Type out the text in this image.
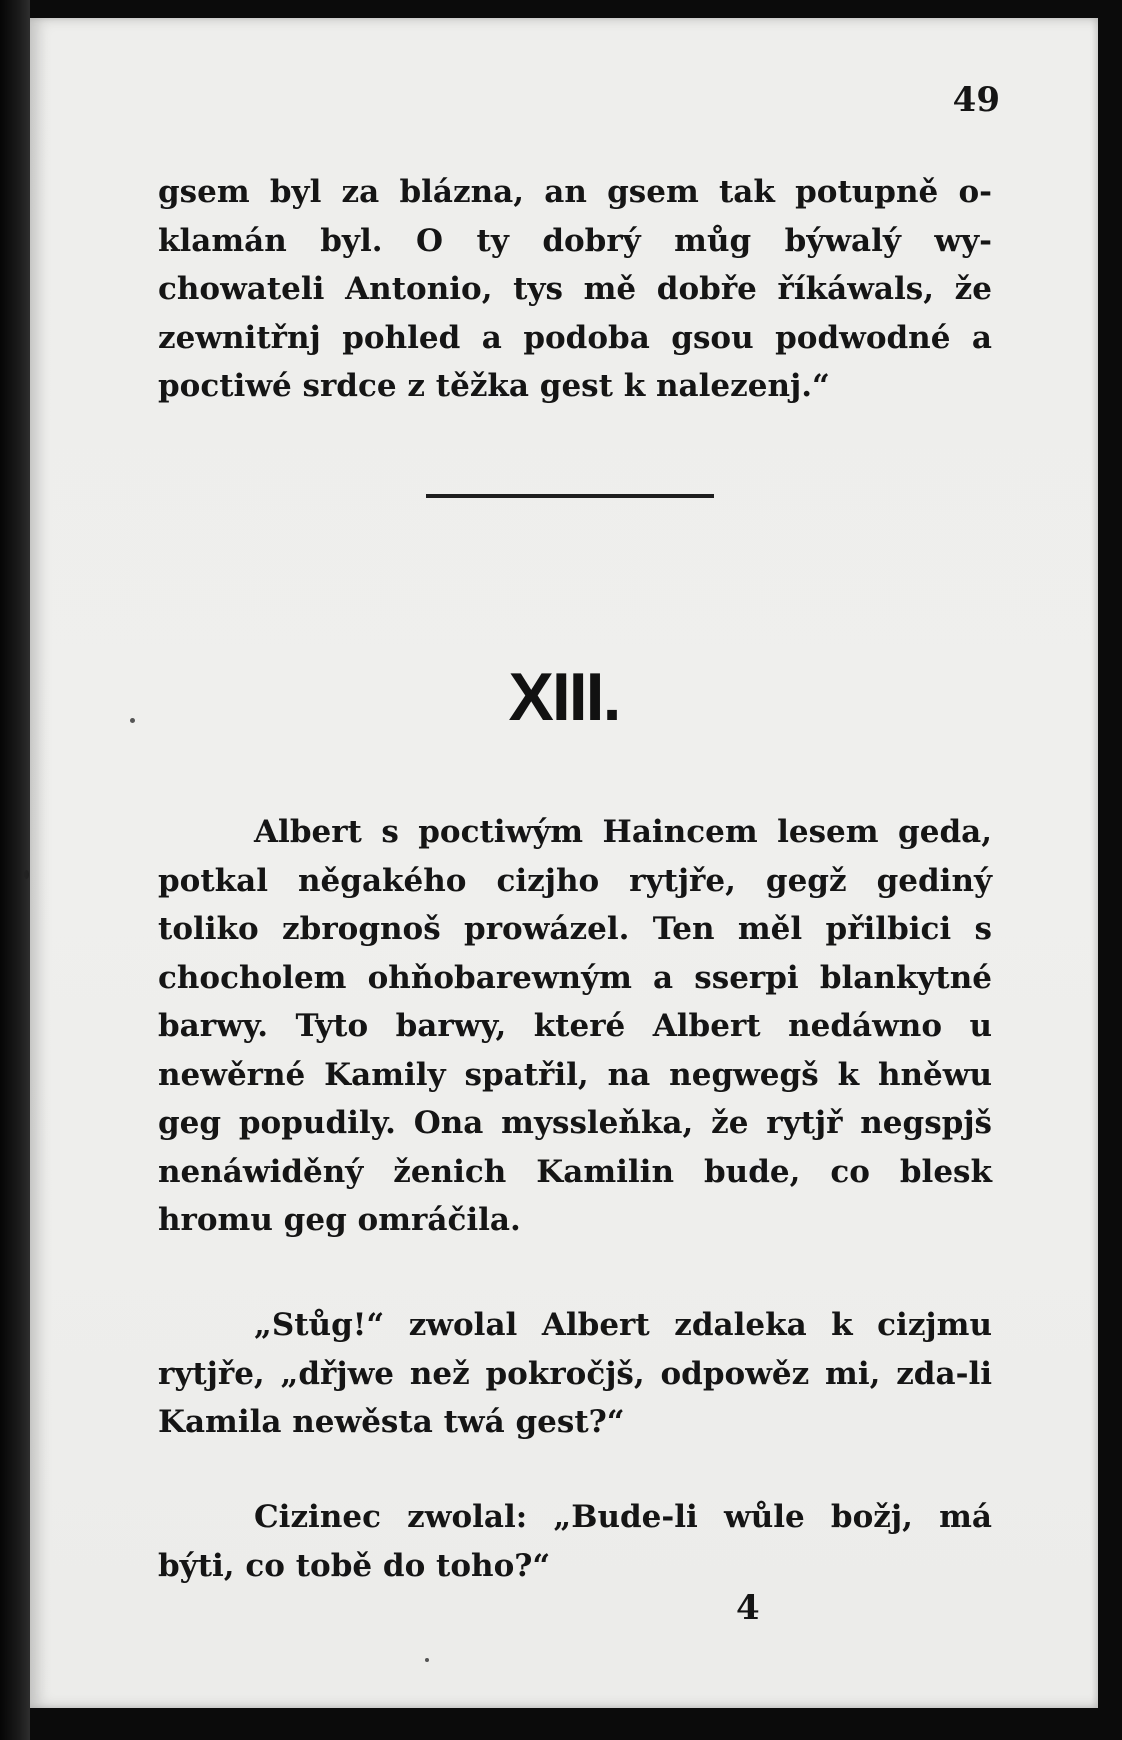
49
gsem byl za blázna, an gsem tak potupně o-klamán byl. O ty dobrý můg býwalý wy-chowateli Antonio, tys mě dobře říkáwals, že zewnitřnj pohled a podoba gsou podwodné a poctiwé srdce z těžka gest k nalezenj.“
XIII.
Albert s poctiwým Haincem lesem geda, potkal něgakého cizjho rytjře, gegž gediný toliko zbrognoš prowázel. Ten měl přilbici s chocholem ohňobarewným a sserpi blankytné barwy. Tyto barwy, které Albert nedáwno u newěrné Kamily spatřil, na negwegš k hněwu geg popudily. Ona myssleňka, že rytjř negspjš nenáwiděný ženich Kamilin bude, co blesk hromu geg omráčila.
„Stůg!“ zwolal Albert zdaleka k cizjmu rytjře, „dřjwe než pokročjš, odpowěz mi, zda-li Kamila newěsta twá gest?“
Cizinec zwolal: „Bude-li wůle božj, má býti, co tobě do toho?“
4
